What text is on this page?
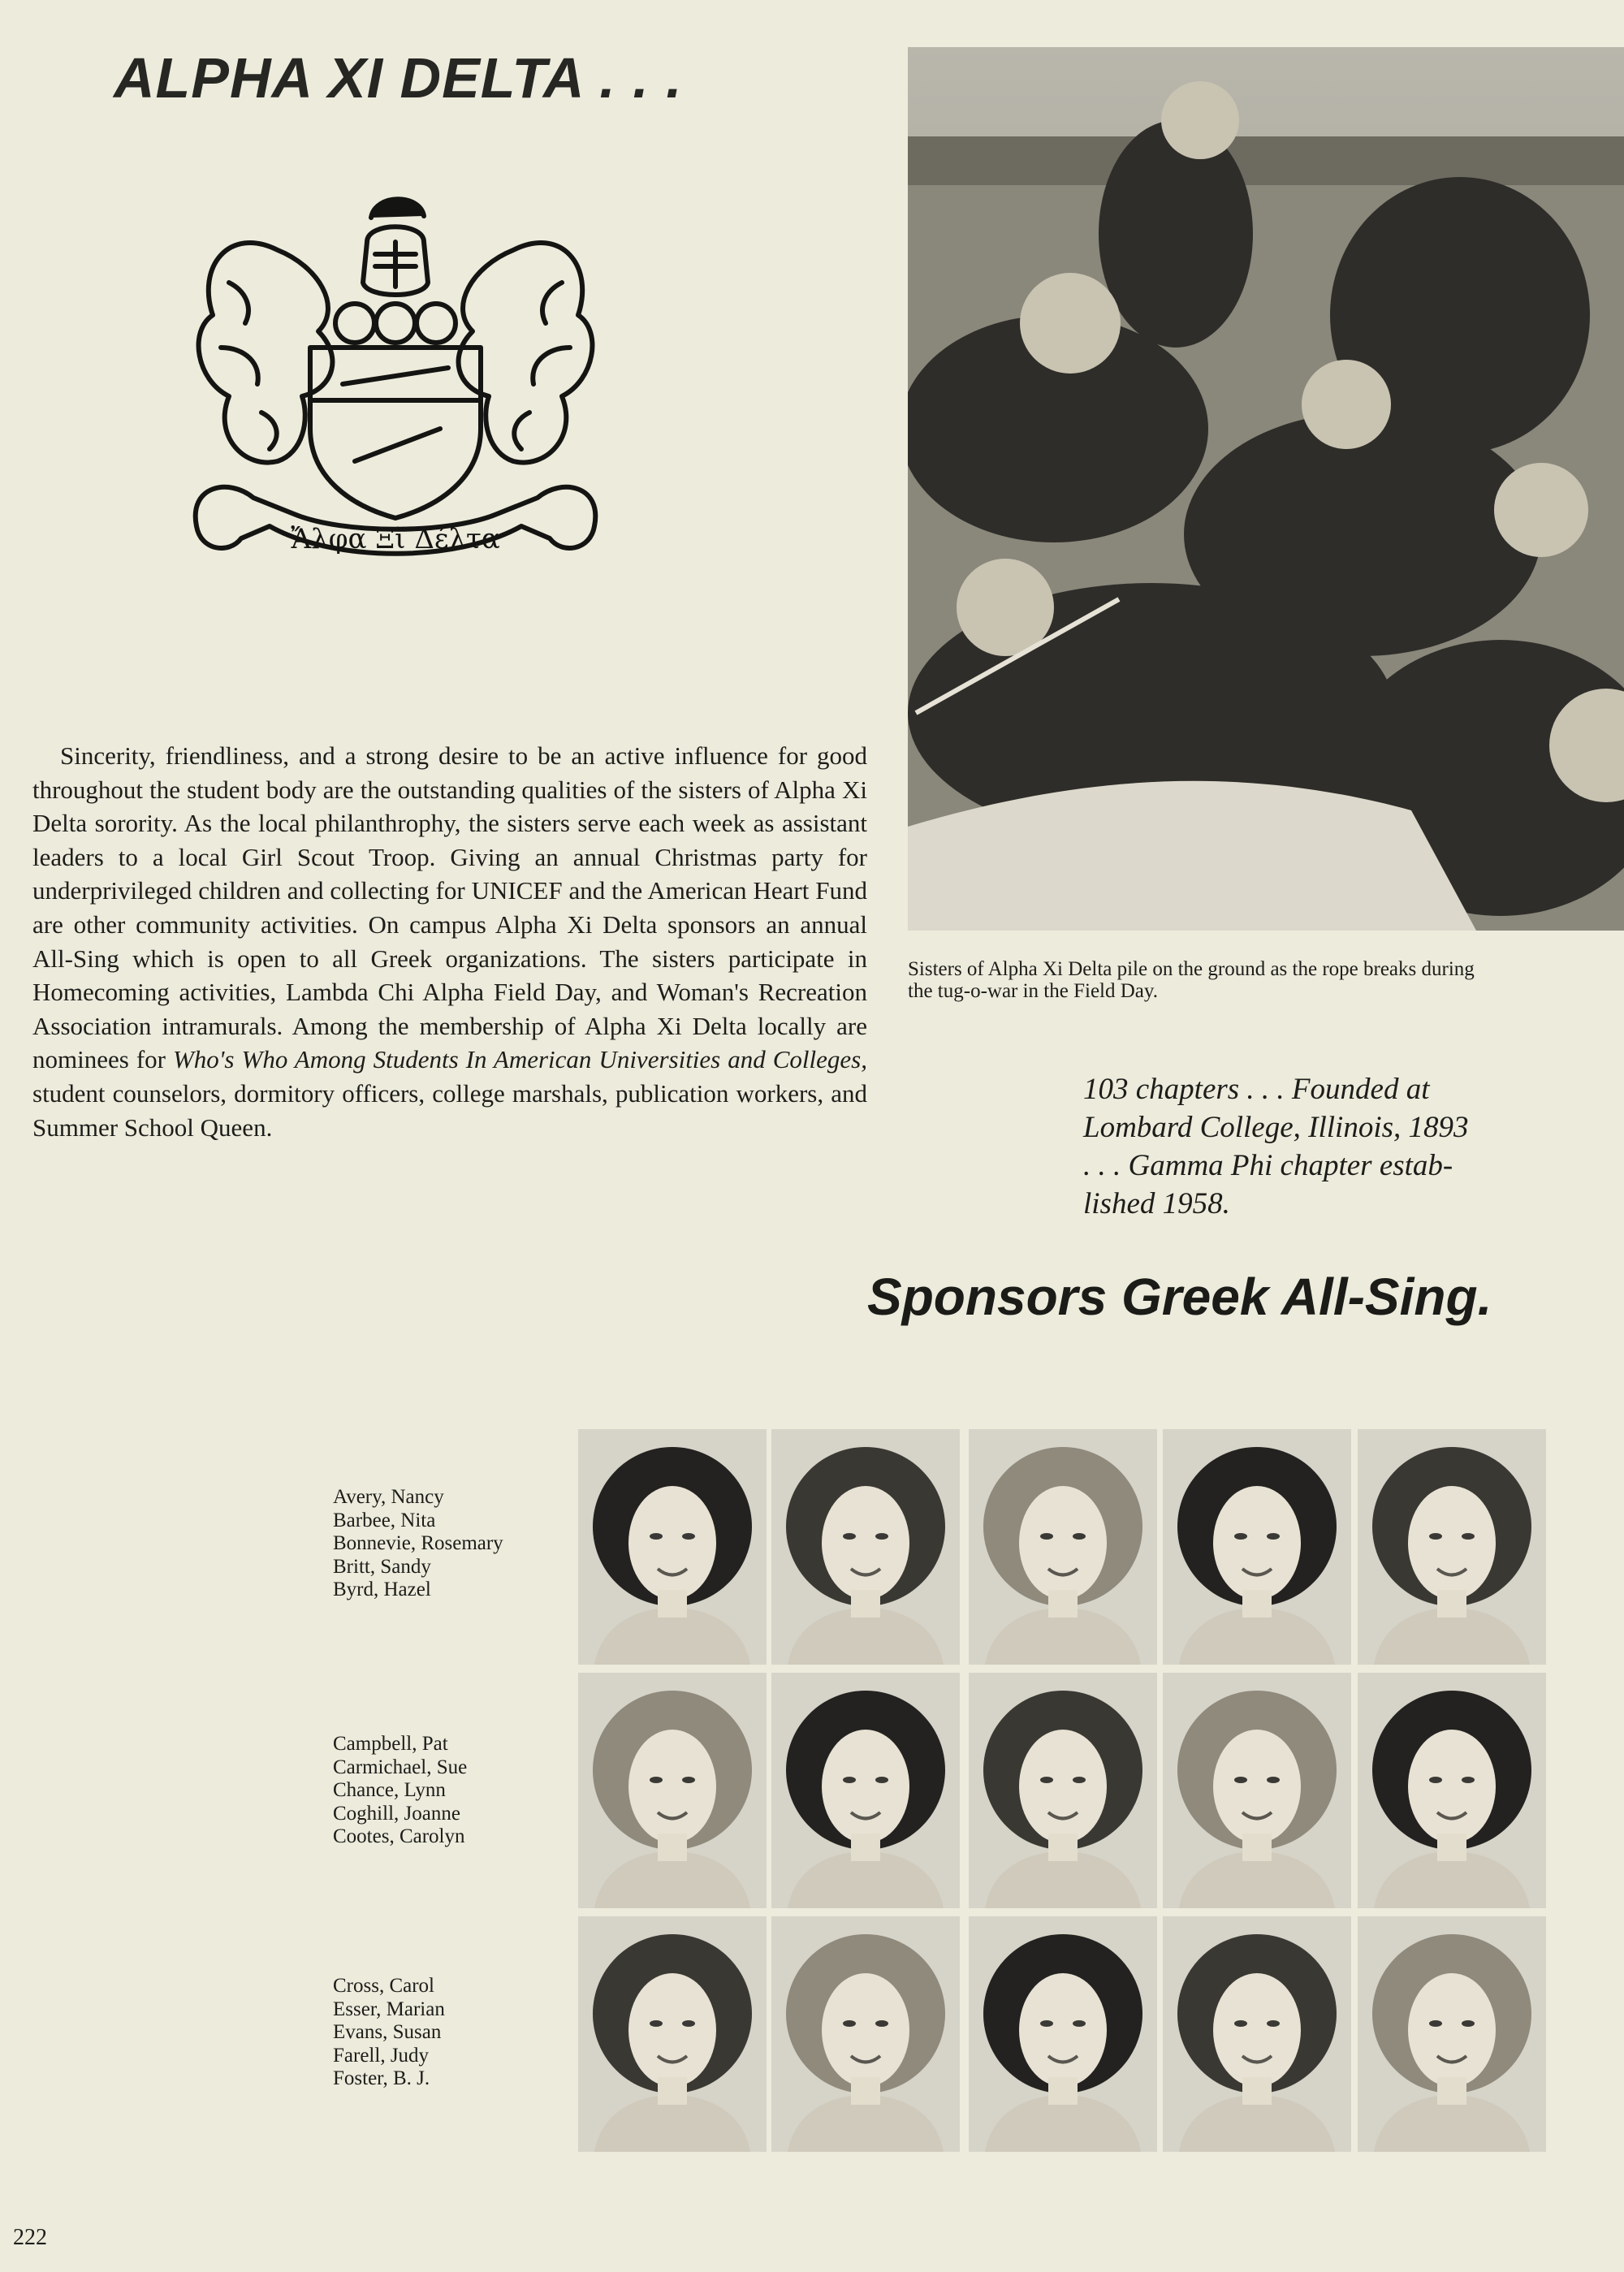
ALPHA XI DELTA . . .
Ἄλφα Ξῖ Δέλτα

Sincerity, friendliness, and a strong desire to be an active influence for good throughout the student body are the outstanding qualities of the sisters of Alpha Xi Delta sorority. As the local philanthrophy, the sisters serve each week as assistant leaders to a local Girl Scout Troop. Giving an annual Christmas party for underprivileged children and collecting for UNICEF and the American Heart Fund are other community activities. On campus Alpha Xi Delta sponsors an annual All-Sing which is open to all Greek organizations. The sisters participate in Homecoming activities, Lambda Chi Alpha Field Day, and Woman's Recreation Association intramurals. Among the membership of Alpha Xi Delta locally are nominees for Who's Who Among Students In American Universities and Colleges, student counselors, dormitory officers, college marshals, publication workers, and Summer School Queen.

Sisters of Alpha Xi Delta pile on the ground as the rope breaks during
the tug-o-war in the Field Day.

103 chapters . . . Founded at
Lombard College, Illinois, 1893
. . . Gamma Phi chapter estab-
lished 1958.

Sponsors Greek All-Sing.
Avery, Nancy
Barbee, Nita
Bonnevie, Rosemary
Britt, Sandy
Byrd, Hazel
Campbell, Pat
Carmichael, Sue
Chance, Lynn
Coghill, Joanne
Cootes, Carolyn
Cross, Carol
Esser, Marian
Evans, Susan
Farell, Judy
Foster, B. J.

222
